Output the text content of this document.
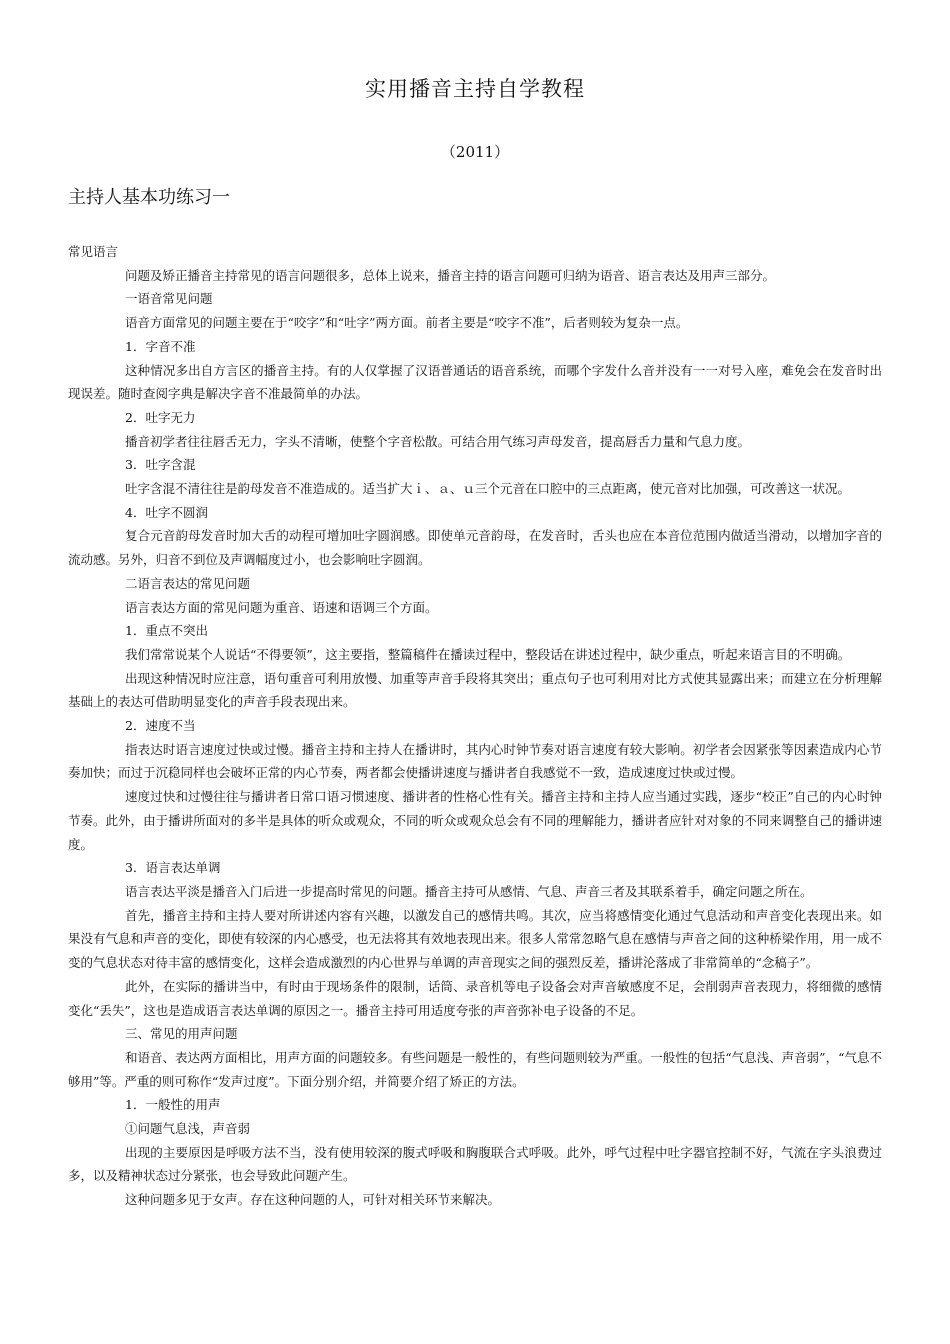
实用播音主持自学教程
（2011）
主持人基本功练习一

常见语言

问题及矫正播音主持常见的语言问题很多，总体上说来，播音主持的语言问题可归纳为语音、语言表达及用声三部分。

一语音常见问题

语音方面常见的问题主要在于“咬字”和“吐字”两方面。前者主要是“咬字不准”，后者则较为复杂一点。

1．字音不准

这种情况多出自方言区的播音主持。有的人仅掌握了汉语普通话的语音系统，而哪个字发什么音并没有一一对号入座，难免会在发音时出现误差。随时查阅字典是解决字音不准最简单的办法。

2．吐字无力

播音初学者往往唇舌无力，字头不清晰，使整个字音松散。可结合用气练习声母发音，提高唇舌力量和气息力度。

3．吐字含混

吐字含混不清往往是韵母发音不准造成的。适当扩大ｉ、ａ、ｕ三个元音在口腔中的三点距离，使元音对比加强，可改善这一状况。

4．吐字不圆润

复合元音韵母发音时加大舌的动程可增加吐字圆润感。即使单元音韵母，在发音时，舌头也应在本音位范围内做适当滑动，以增加字音的流动感。另外，归音不到位及声调幅度过小，也会影响吐字圆润。

二语言表达的常见问题

语言表达方面的常见问题为重音、语速和语调三个方面。

1．重点不突出

我们常常说某个人说话“不得要领”，这主要指，整篇稿件在播读过程中，整段话在讲述过程中，缺少重点，听起来语言目的不明确。

出现这种情况时应注意，语句重音可利用放慢、加重等声音手段将其突出；重点句子也可利用对比方式使其显露出来；而建立在分析理解基础上的表达可借助明显变化的声音手段表现出来。

2．速度不当

指表达时语言速度过快或过慢。播音主持和主持人在播讲时，其内心时钟节奏对语言速度有较大影响。初学者会因紧张等因素造成内心节奏加快；而过于沉稳同样也会破坏正常的内心节奏，两者都会使播讲速度与播讲者自我感觉不一致，造成速度过快或过慢。

速度过快和过慢往往与播讲者日常口语习惯速度、播讲者的性格心性有关。播音主持和主持人应当通过实践，逐步“校正”自己的内心时钟节奏。此外，由于播讲所面对的多半是具体的听众或观众，不同的听众或观众总会有不同的理解能力，播讲者应针对对象的不同来调整自己的播讲速度。

3．语言表达单调

语言表达平淡是播音入门后进一步提高时常见的问题。播音主持可从感情、气息、声音三者及其联系着手，确定问题之所在。

首先，播音主持和主持人要对所讲述内容有兴趣，以激发自己的感情共鸣。其次，应当将感情变化通过气息活动和声音变化表现出来。如果没有气息和声音的变化，即使有较深的内心感受，也无法将其有效地表现出来。很多人常常忽略气息在感情与声音之间的这种桥梁作用，用一成不变的气息状态对待丰富的感情变化，这样会造成激烈的内心世界与单调的声音现实之间的强烈反差，播讲沦落成了非常简单的“念稿子”。

此外，在实际的播讲当中，有时由于现场条件的限制，话筒、录音机等电子设备会对声音敏感度不足，会削弱声音表现力，将细微的感情变化“丢失”，这也是造成语言表达单调的原因之一。播音主持可用适度夸张的声音弥补电子设备的不足。

三、常见的用声问题

和语音、表达两方面相比，用声方面的问题较多。有些问题是一般性的，有些问题则较为严重。一般性的包括“气息浅、声音弱”，“气息不够用”等。严重的则可称作“发声过度”。下面分别介绍，并简要介绍了矫正的方法。

1．一般性的用声

①问题气息浅，声音弱

出现的主要原因是呼吸方法不当，没有使用较深的腹式呼吸和胸腹联合式呼吸。此外，呼气过程中吐字器官控制不好，气流在字头浪费过多，以及精神状态过分紧张，也会导致此问题产生。

这种问题多见于女声。存在这种问题的人，可针对相关环节来解决。
